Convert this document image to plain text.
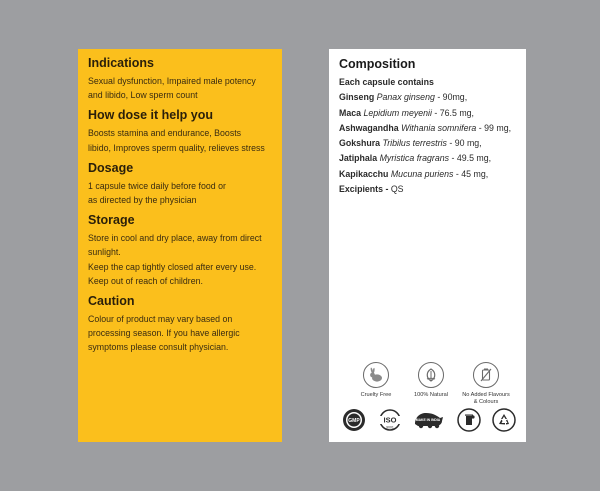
Indications
Sexual dysfunction, Impaired male potency
and libido, Low sperm count
How dose it help you
Boosts stamina and endurance, Boosts
libido, Improves sperm quality, relieves stress
Dosage
1 capsule twice daily before food or
as directed by the physician
Storage
Store in cool and dry place, away from direct
sunlight.
Keep the cap tightly closed after every use.
Keep out of reach of children.
Caution
Colour of product may vary based on
processing season. If you have allergic
symptoms please consult physician.
Composition
Each capsule contains
Ginseng Panax ginseng - 90mg,
Maca Lepidium meyenii - 76.5 mg,
Ashwagandha Withania somnifera - 99 mg,
Gokshura Tribilus terrestris - 90 mg,
Jatiphala Myristica fragrans - 49.5 mg,
Kapikacchu Mucuna puriens - 45 mg,
Excipients - QS
Cruelty Free	100% Natural	No Added Flavours & Colours
GMP	ISO
9001
MAKE IN INDIA
